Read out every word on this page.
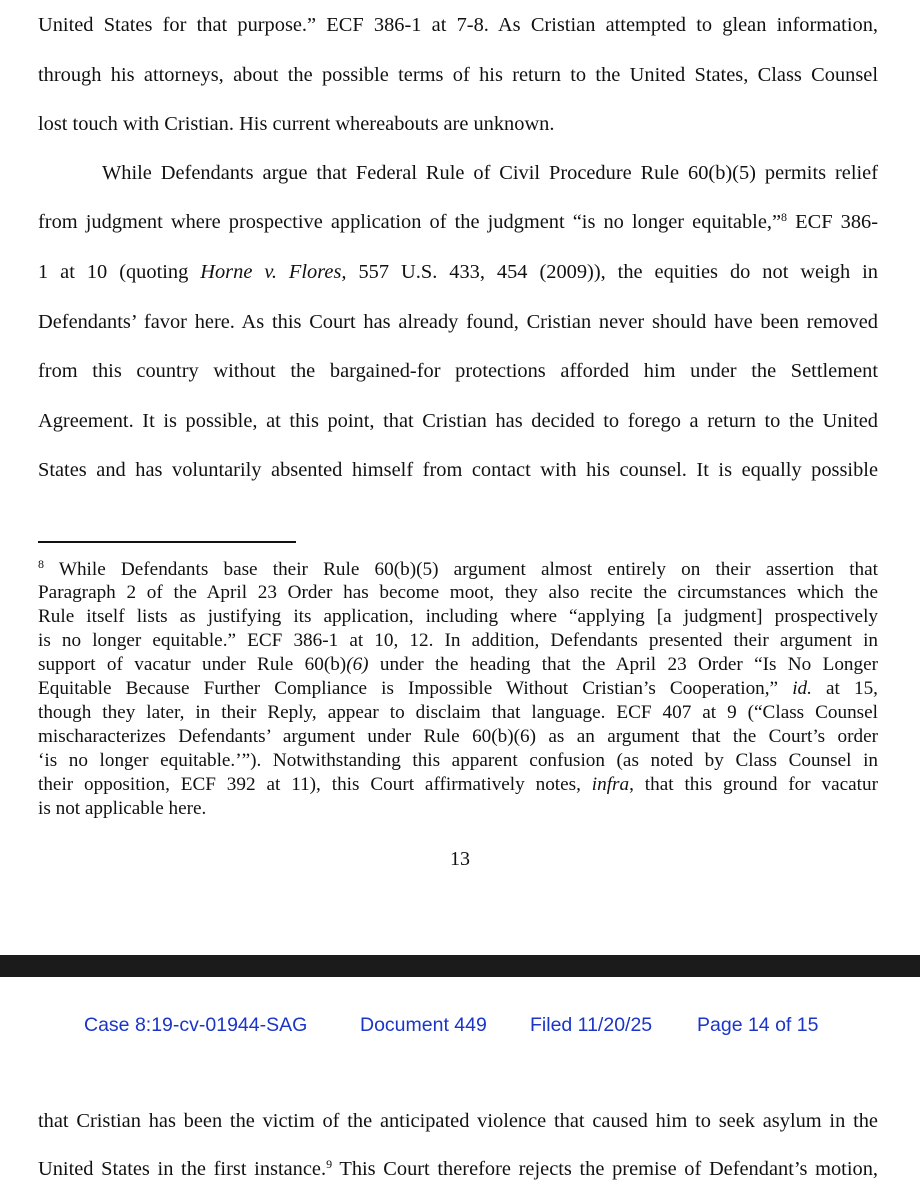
United States for that purpose.” ECF 386-1 at 7-8. As Cristian attempted to glean information,
through his attorneys, about the possible terms of his return to the United States, Class Counsel
lost touch with Cristian. His current whereabouts are unknown.
While Defendants argue that Federal Rule of Civil Procedure Rule 60(b)(5) permits relief
from judgment where prospective application of the judgment “is no longer equitable,”$^8$ ECF 386-
1 at 10 (quoting Horne v. Flores, 557 U.S. 433, 454 (2009)), the equities do not weigh in
Defendants’ favor here. As this Court has already found, Cristian never should have been removed
from this country without the bargained-for protections afforded him under the Settlement
Agreement. It is possible, at this point, that Cristian has decided to forego a return to the United
States and has voluntarily absented himself from contact with his counsel. It is equally possible
$^8$ While Defendants base their Rule 60(b)(5) argument almost entirely on their assertion that
Paragraph 2 of the April 23 Order has become moot, they also recite the circumstances which the
Rule itself lists as justifying its application, including where “applying [a judgment] prospectively
is no longer equitable.” ECF 386-1 at 10, 12. In addition, Defendants presented their argument in
support of vacatur under Rule 60(b)(6) under the heading that the April 23 Order “Is No Longer
Equitable Because Further Compliance is Impossible Without Cristian’s Cooperation,” id. at 15,
though they later, in their Reply, appear to disclaim that language. ECF 407 at 9 (“Class Counsel
mischaracterizes Defendants’ argument under Rule 60(b)(6) as an argument that the Court’s order
‘is no longer equitable.’”). Notwithstanding this apparent confusion (as noted by Class Counsel in
their opposition, ECF 392 at 11), this Court affirmatively notes, infra, that this ground for vacatur
is not applicable here.
13
Case 8:19-cv-01944-SAG	Document 449 Filed 11/20/25 Page 14 of 15
that Cristian has been the victim of the anticipated violence that caused him to seek asylum in the
United States in the first instance.$^9$ This Court therefore rejects the premise of Defendant’s motion,
